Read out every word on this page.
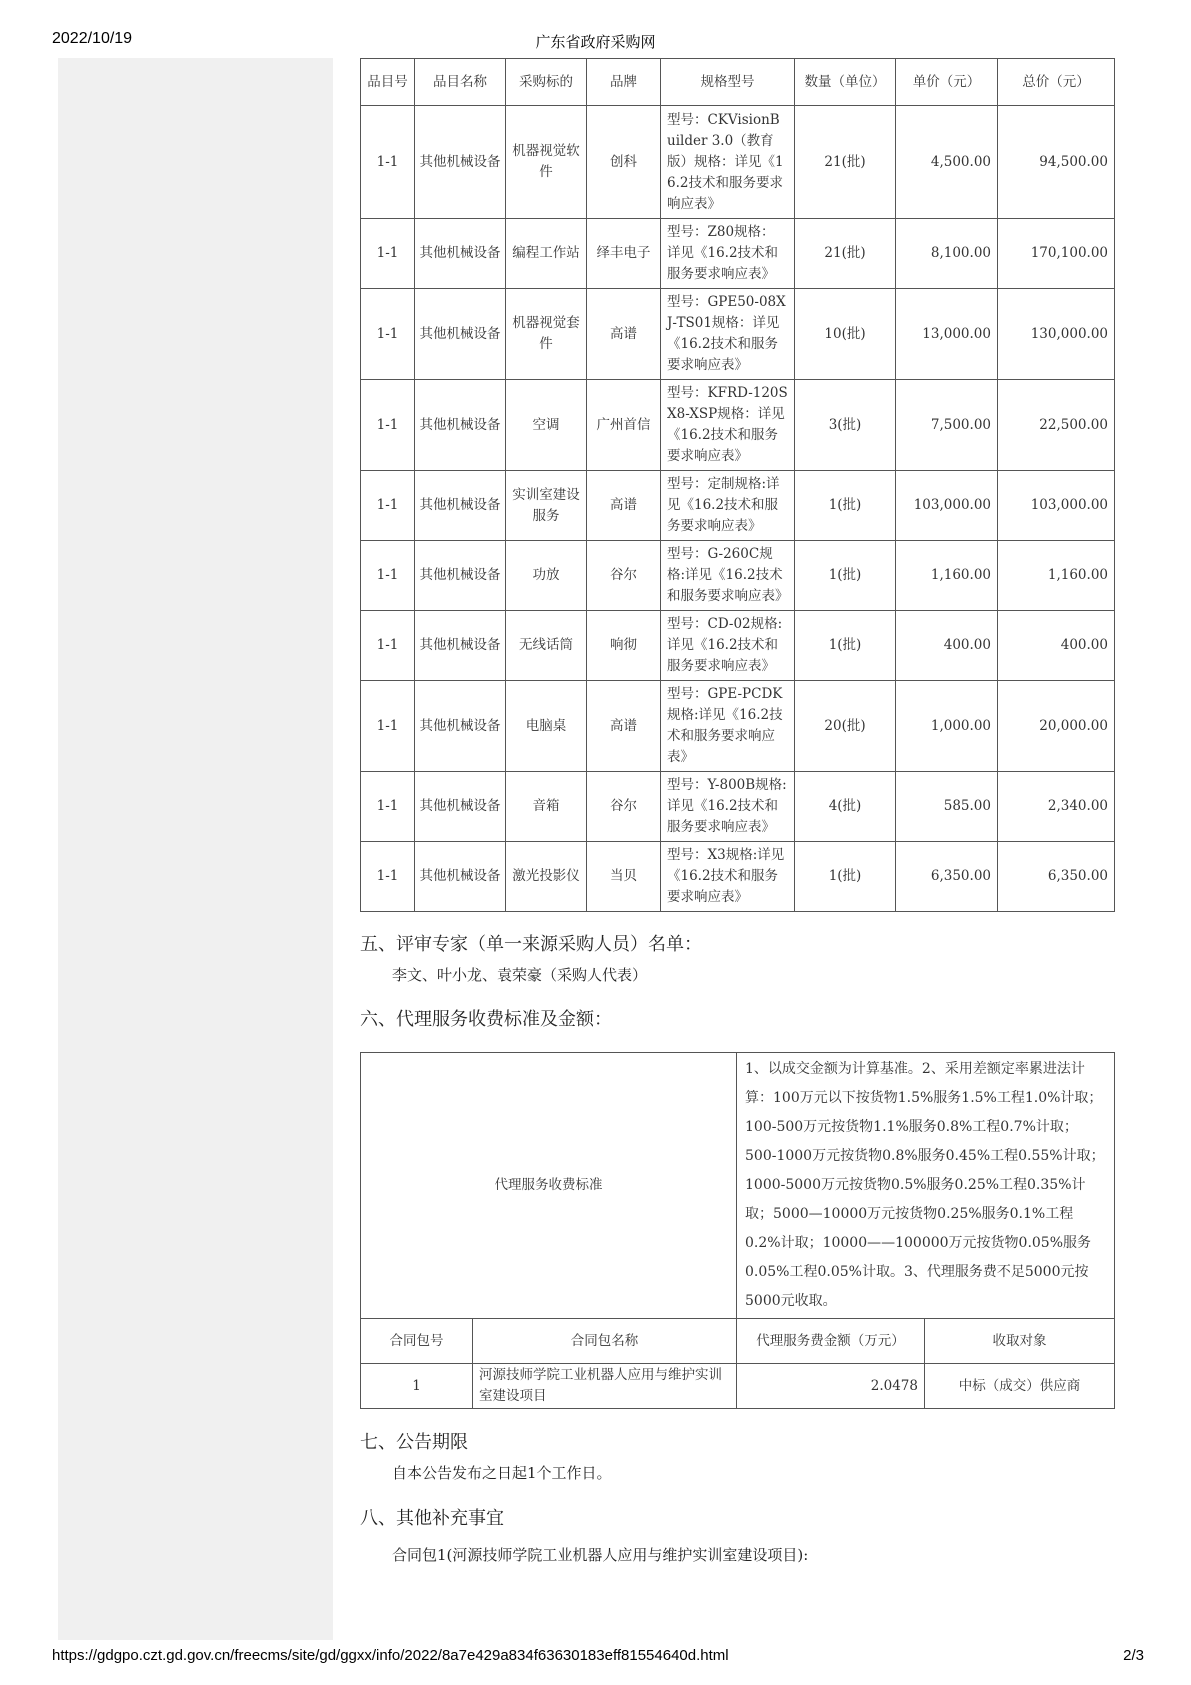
2022/10/19	广东省政府采购网
品目号	品目名称	采购标的	品牌	规格型号	数量（单位）	单价（元）	总价（元）
1-1	其他机械设备	机器视觉软件	创科	型号：CKVisionBuilder 3.0（教育版）规格：详见《16.2技术和服务要求响应表》	21(批)	4,500.00	94,500.00
1-1	其他机械设备	编程工作站	绎丰电子	型号：Z80规格：详见《16.2技术和服务要求响应表》	21(批)	8,100.00	170,100.00
1-1	其他机械设备	机器视觉套件	高谱	型号：GPE50-08XJ-TS01规格：详见《16.2技术和服务要求响应表》	10(批)	13,000.00	130,000.00
1-1	其他机械设备	空调	广州首信	型号：KFRD-120SX8-XSP规格：详见《16.2技术和服务要求响应表》	3(批)	7,500.00	22,500.00
1-1	其他机械设备	实训室建设服务	高谱	型号：定制规格:详见《16.2技术和服务要求响应表》	1(批)	103,000.00	103,000.00
1-1	其他机械设备	功放	谷尔	型号：G-260C规格:详见《16.2技术和服务要求响应表》	1(批)	1,160.00	1,160.00
1-1	其他机械设备	无线话筒	响彻	型号：CD-02规格:详见《16.2技术和服务要求响应表》	1(批)	400.00	400.00
1-1	其他机械设备	电脑桌	高谱	型号：GPE-PCDK规格:详见《16.2技术和服务要求响应表》	20(批)	1,000.00	20,000.00
1-1	其他机械设备	音箱	谷尔	型号：Y-800B规格:详见《16.2技术和服务要求响应表》	4(批)	585.00	2,340.00
1-1	其他机械设备	激光投影仪	当贝	型号：X3规格:详见《16.2技术和服务要求响应表》	1(批)	6,350.00	6,350.00
五、评审专家（单一来源采购人员）名单：
李文、叶小龙、袁荣豪（采购人代表）
六、代理服务收费标准及金额：
代理服务收费标准		1、以成交金额为计算基准。2、采用差额定率累进法计算：100万元以下按货物1.5%服务1.5%工程1.0%计取；100-500万元按货物1.1%服务0.8%工程0.7%计取；500-1000万元按货物0.8%服务0.45%工程0.55%计取；1000-5000万元按货物0.5%服务0.25%工程0.35%计取；5000—10000万元按货物0.25%服务0.1%工程0.2%计取；10000——100000万元按货物0.05%服务0.05%工程0.05%计取。3、代理服务费不足5000元按5000元收取。	
合同包号	合同包名称	代理服务费金额（万元）	收取对象
1	河源技师学院工业机器人应用与维护实训室建设项目	2.0478	中标（成交）供应商
七、公告期限
自本公告发布之日起1个工作日。
八、其他补充事宜
合同包1(河源技师学院工业机器人应用与维护实训室建设项目):
https://gdgpo.czt.gd.gov.cn/freecms/site/gd/ggxx/info/2022/8a7e429a834f63630183eff81554640d.html	2/3
